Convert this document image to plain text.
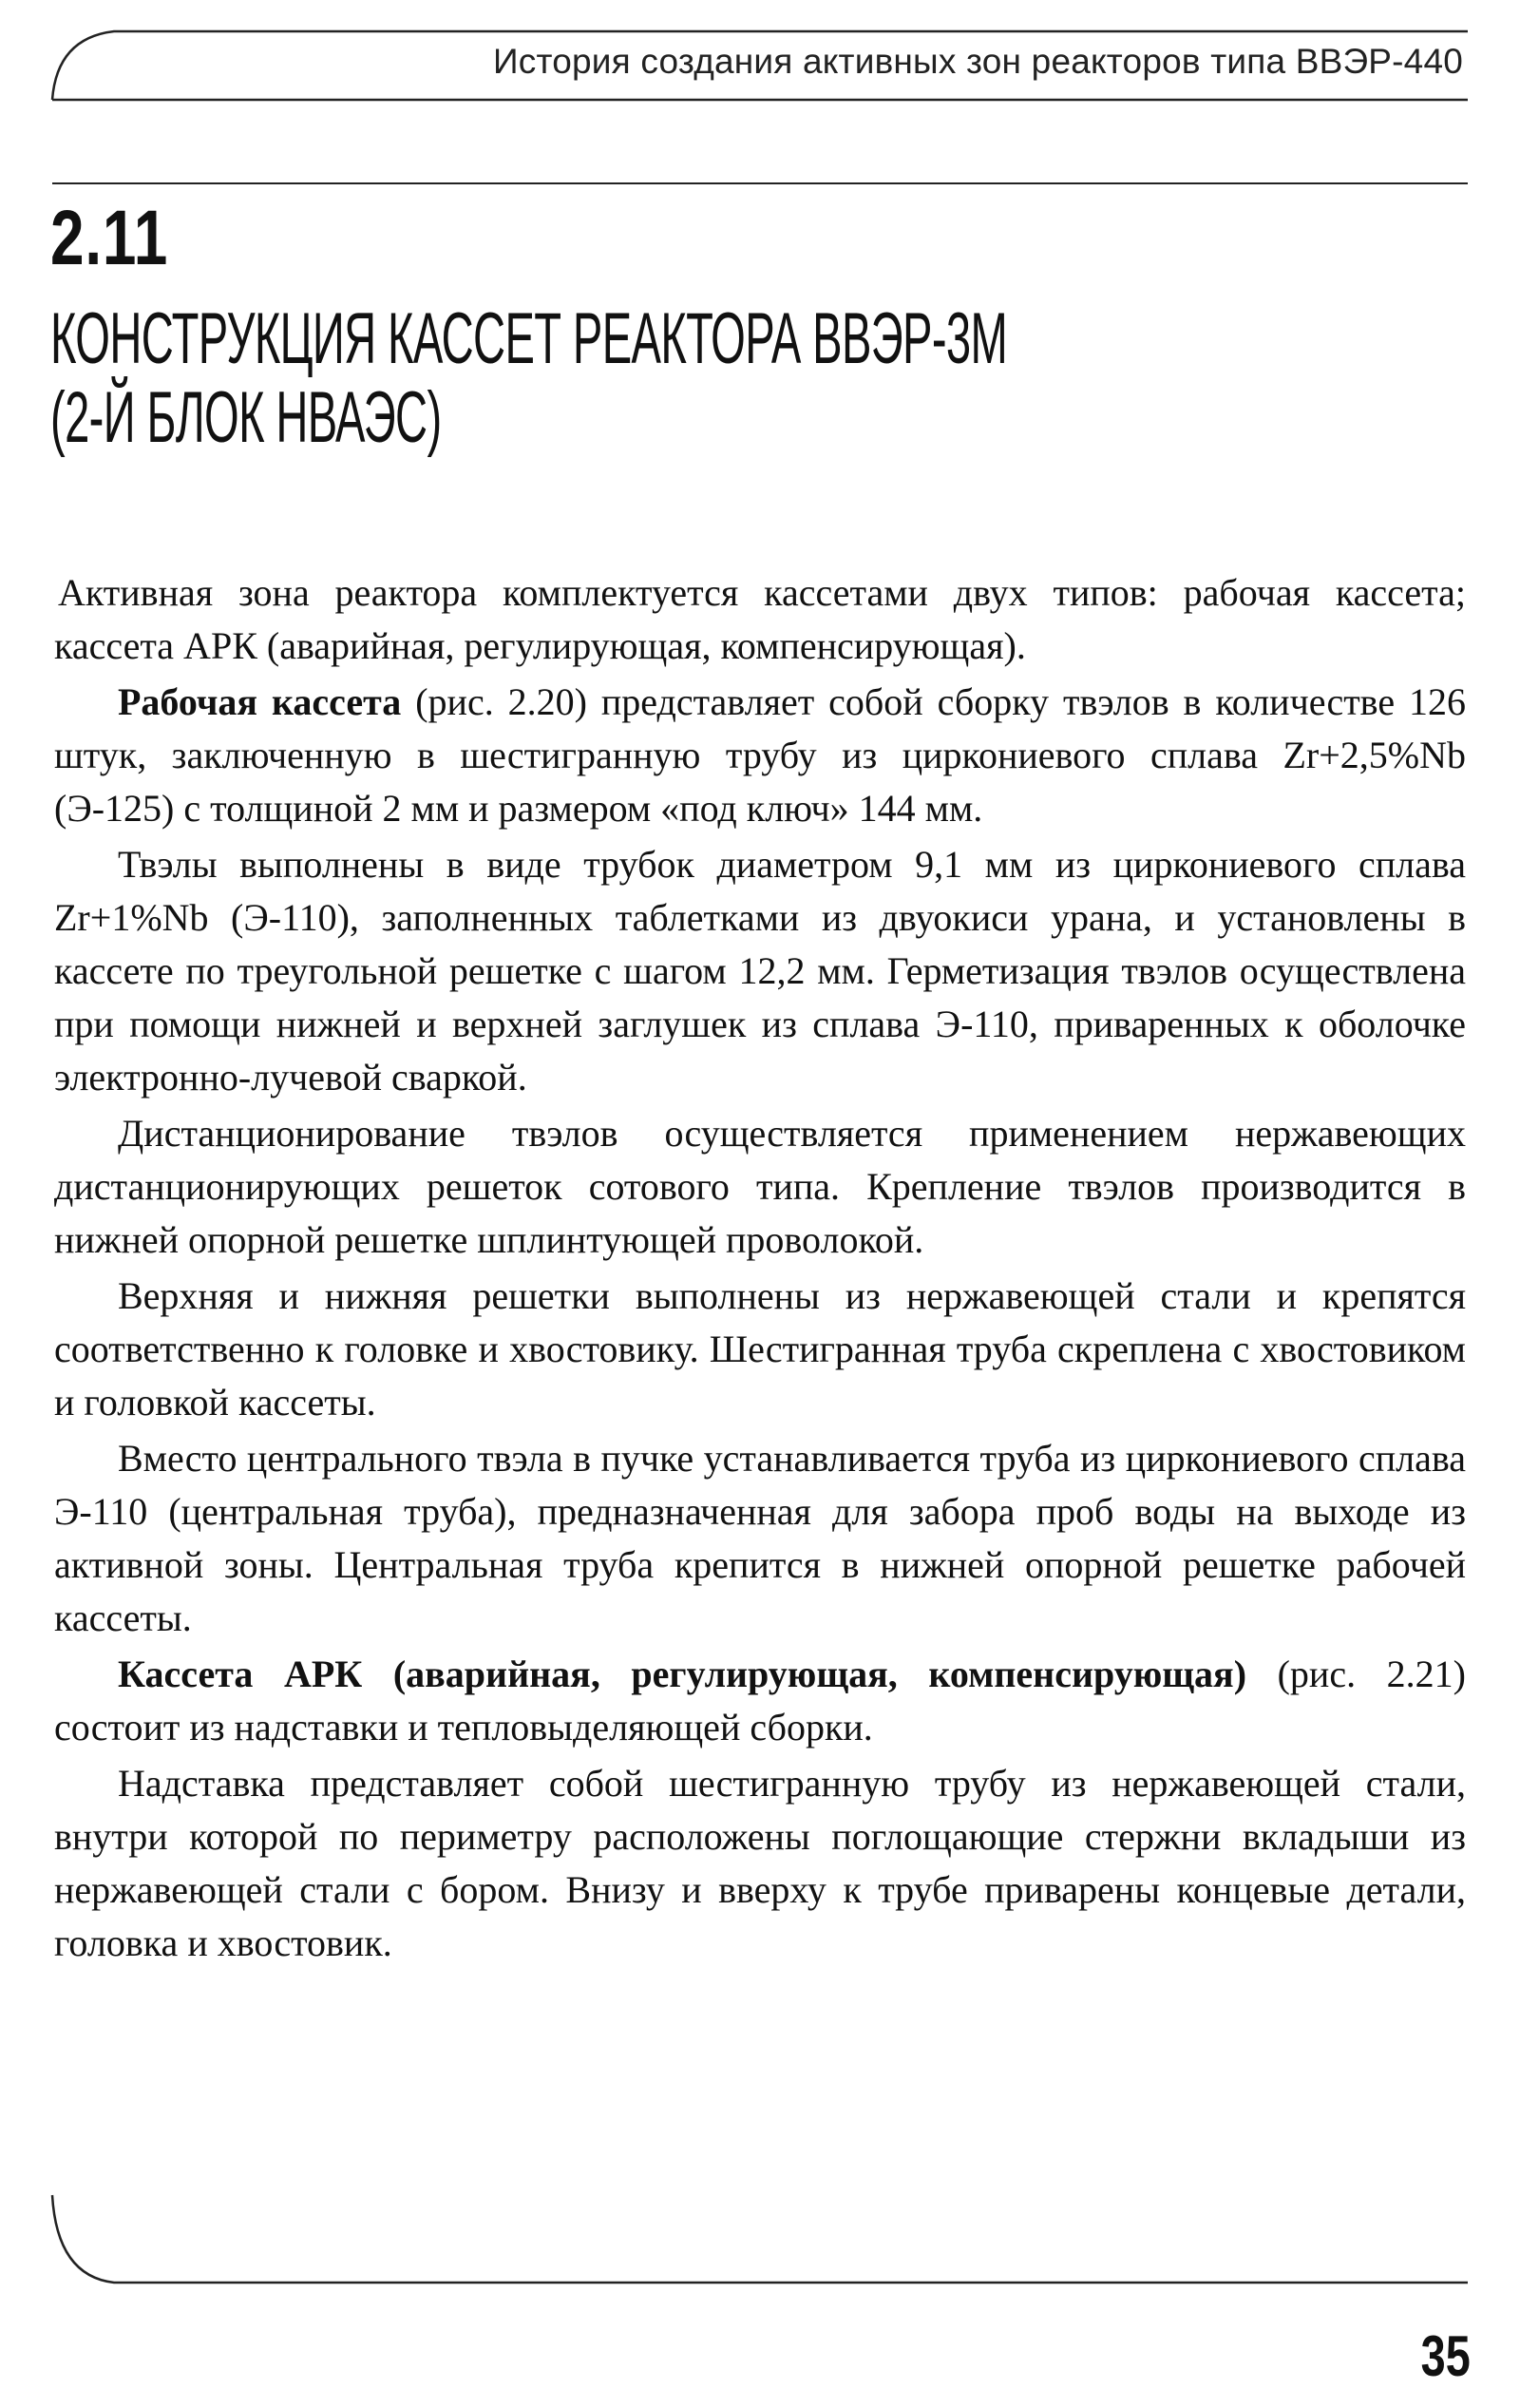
История создания активных зон реакторов типа ВВЭР-440
2.11
КОНСТРУКЦИЯ КАССЕТ РЕАКТОРА ВВЭР-3М
(2-Й БЛОК НВАЭС)

Активная зона реактора комплектуется кассетами двух типов: рабочая кассета; кассета АРК (аварийная, регулирующая, компенсирующая).

Рабочая кассета (рис. 2.20) представляет собой сборку твэлов в количестве 126 штук, заключенную в шестигранную трубу из циркониевого сплава Zr+2,5%Nb (Э-125) с толщиной 2 мм и размером «под ключ» 144 мм.

Твэлы выполнены в виде трубок диаметром 9,1 мм из циркониевого сплава Zr+1%Nb (Э-110), заполненных таблетками из двуокиси урана, и установлены в кассете по треугольной решетке с шагом 12,2 мм. Герметизация твэлов осуществлена при помощи нижней и верхней заглушек из сплава Э-110, приваренных к оболочке электронно-лучевой сваркой.

Дистанционирование твэлов осуществляется применением нержавеющих дистанционирующих решеток сотового типа. Крепление твэлов производится в нижней опорной решетке шплинтующей проволокой.

Верхняя и нижняя решетки выполнены из нержавеющей стали и крепятся соответственно к головке и хвостовику. Шестигранная труба скреплена с хвостовиком и головкой кассеты.

Вместо центрального твэла в пучке устанавливается труба из циркониевого сплава Э-110 (центральная труба), предназначенная для забора проб воды на выходе из активной зоны. Центральная труба крепится в нижней опорной решетке рабочей кассеты.

Кассета АРК (аварийная, регулирующая, компенсирующая) (рис. 2.21) состоит из надставки и тепловыделяющей сборки.

Надставка представляет собой шестигранную трубу из нержавеющей стали, внутри которой по периметру расположены поглощающие стержни вкладыши из нержавеющей стали с бором. Внизу и вверху к трубе приварены концевые детали, головка и хвостовик.

35
